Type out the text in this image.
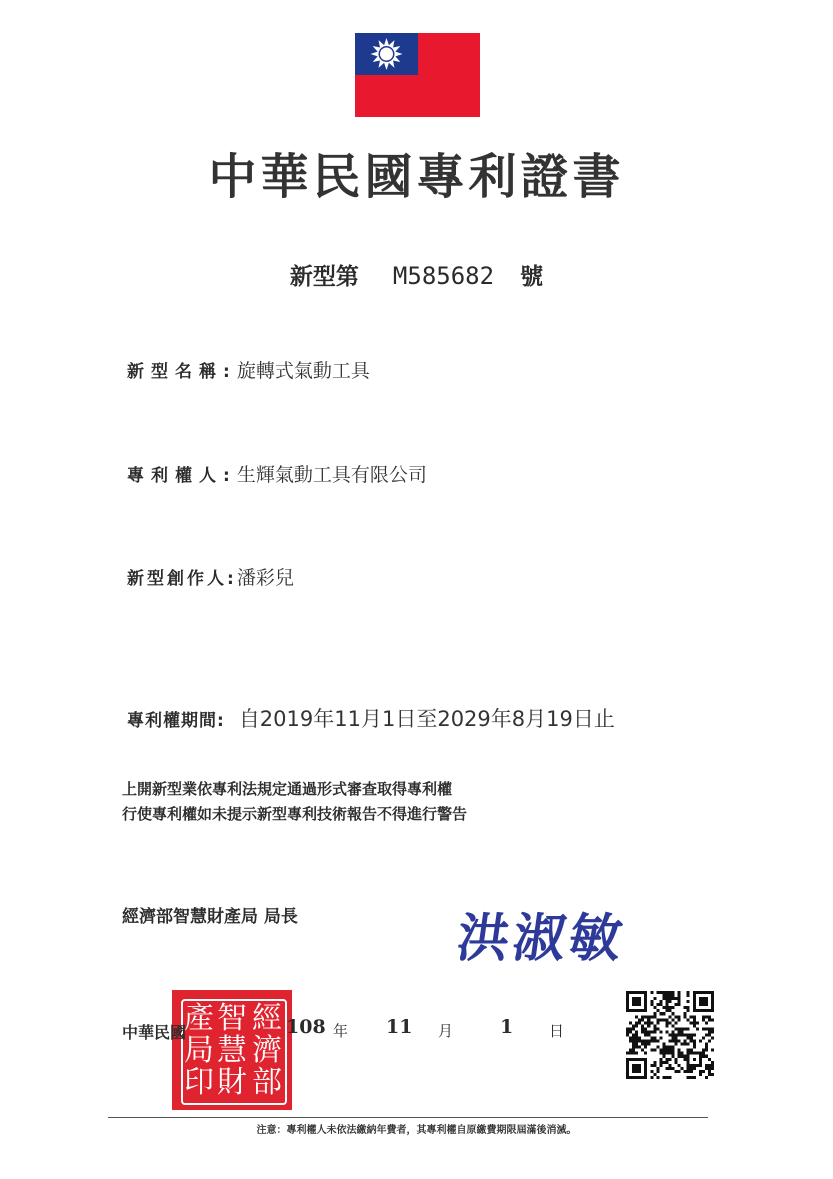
中華民國專利證書
新型第 M585682 號
新型名稱:旋轉式氣動工具
專利權人:生輝氣動工具有限公司
新型創作人:潘彩兒
專利權期間: 自2019年11月1日至2029年8月19日止
上開新型業依專利法規定通過形式審查取得專利權
行使專利權如未提示新型專利技術報告不得進行警告
經濟部智慧財產局 局長	洪淑敏
經
智
產
濟
慧
局
部
財
印
中華民國	108 年 11 月 1 日
注意：專利權人未依法繳納年費者，其專利權自原繳費期限屆滿後消滅。
